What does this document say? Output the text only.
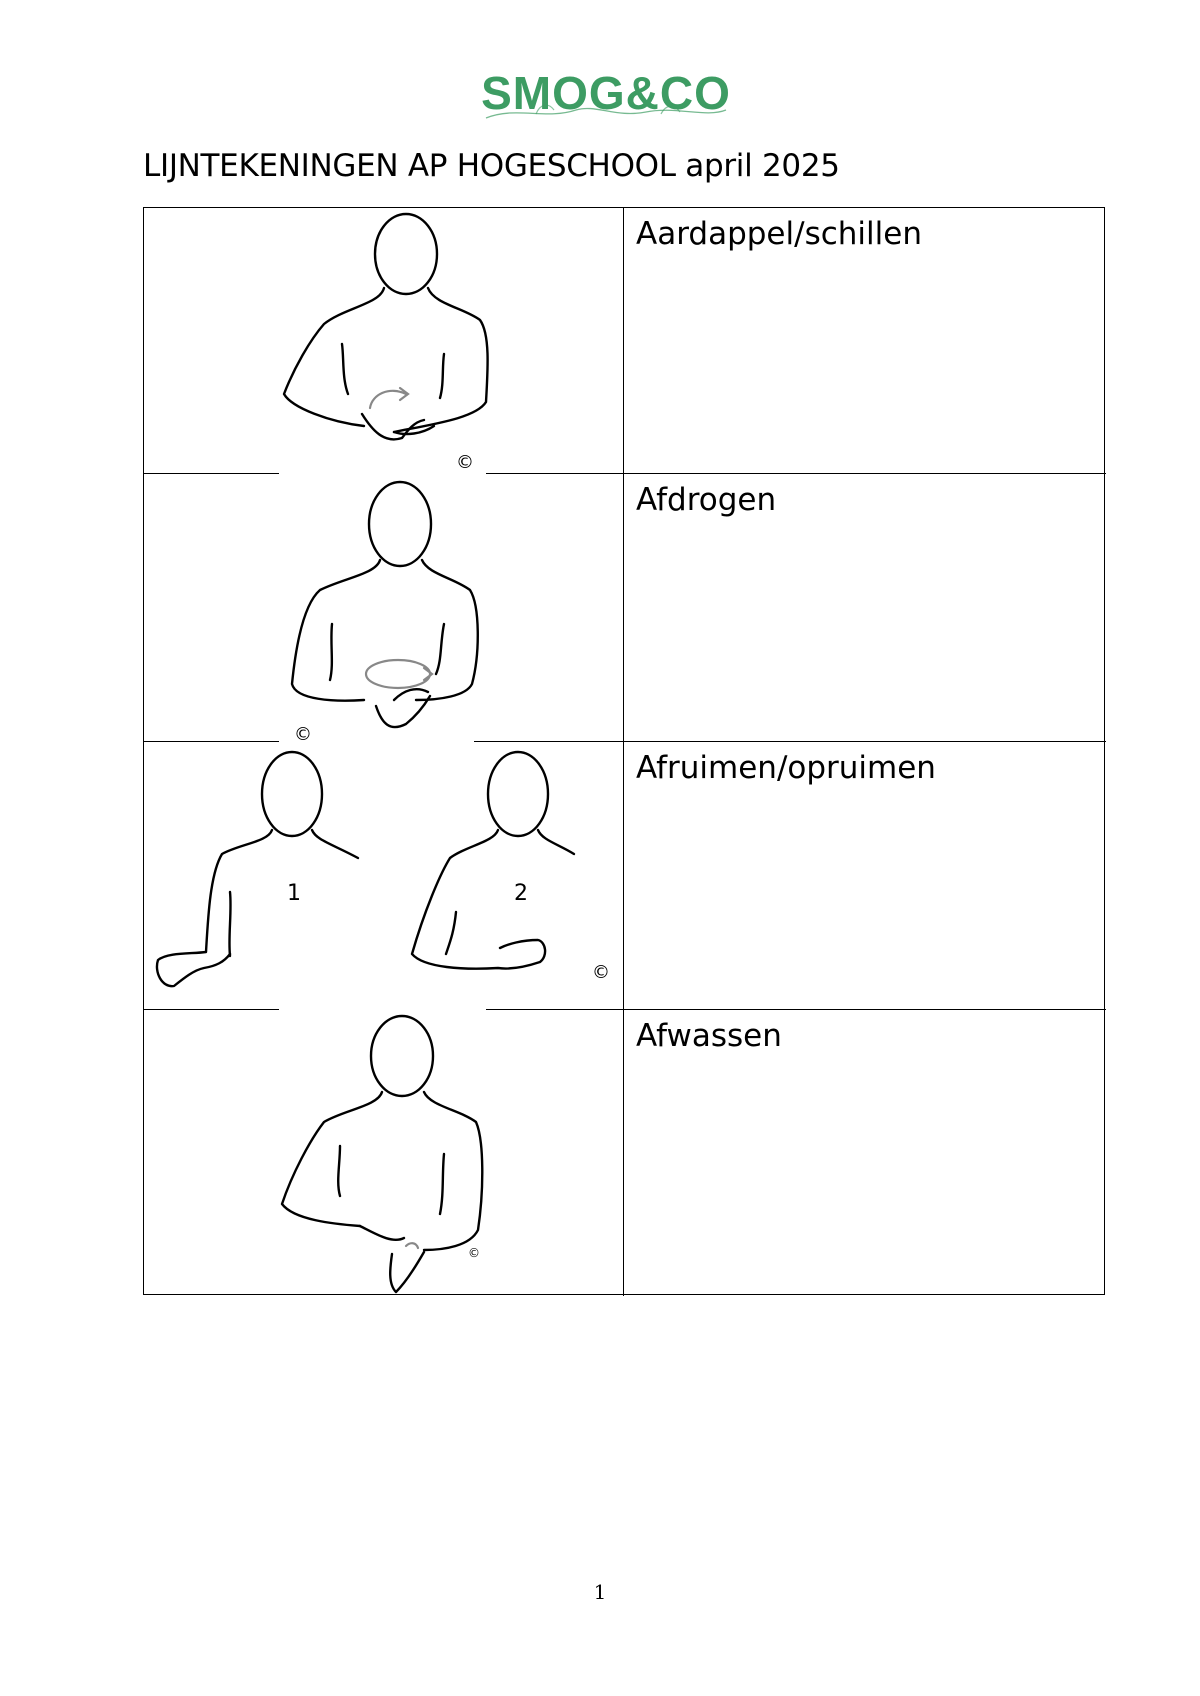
SMOG&CO
LIJNTEKENINGEN AP HOGESCHOOL april 2025
©
Aardappel/schillen
©
Afdrogen
1	2
©
Afruimen/opruimen
©
Afwassen
1
